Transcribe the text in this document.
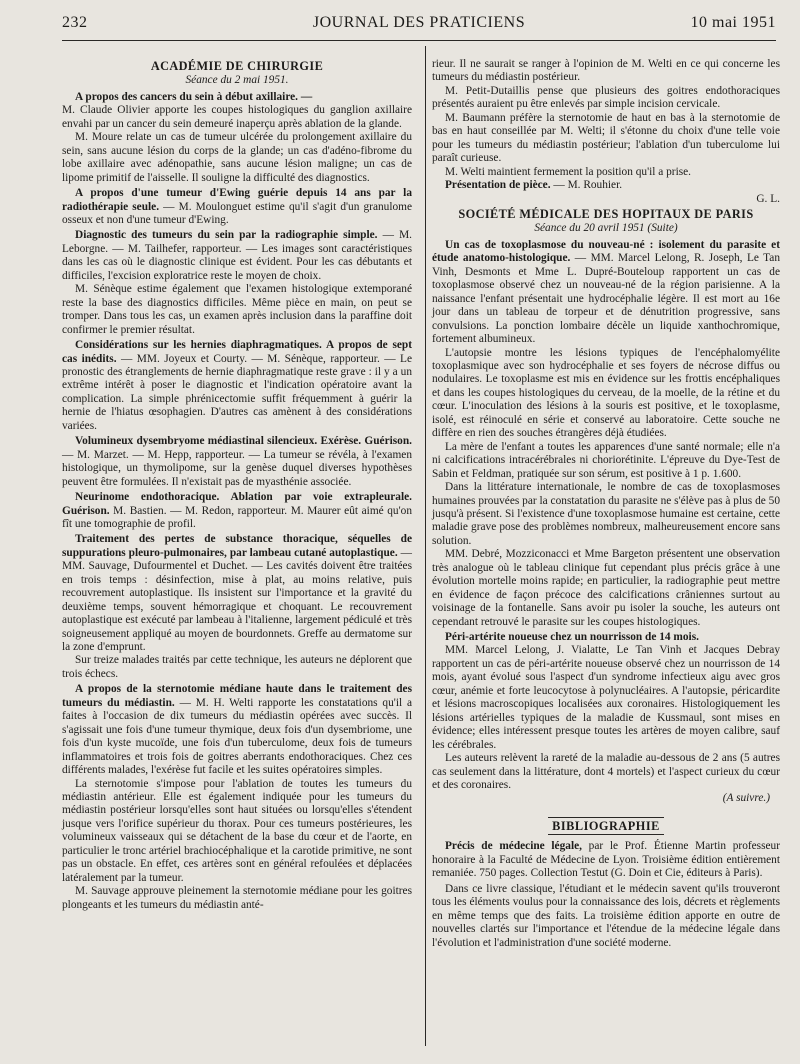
232	JOURNAL DES PRATICIENS	10 mai 1951
ACADÉMIE DE CHIRURGIE
Séance du 2 mai 1951.

A propos des cancers du sein à début axillaire. —

M. Claude Olivier apporte les coupes histologiques du ganglion axillaire envahi par un cancer du sein demeuré inaperçu après ablation de la glande.

M. Moure relate un cas de tumeur ulcérée du prolongement axillaire du sein, sans aucune lésion du corps de la glande; un cas d'adéno-fibrome du lobe axillaire avec adénopathie, sans aucune lésion maligne; un cas de lipome primitif de l'aisselle. Il souligne la difficulté des diagnostics.

A propos d'une tumeur d'Ewing guérie depuis 14 ans par la radiothérapie seule. — M. Moulonguet estime qu'il s'agit d'un granulome osseux et non d'une tumeur d'Ewing.

Diagnostic des tumeurs du sein par la radiographie simple. — M. Leborgne. — M. Tailhefer, rapporteur. — Les images sont caractéristiques dans les cas où le diagnostic clinique est évident. Pour les cas débutants et difficiles, l'excision exploratrice reste le moyen de choix.

M. Sénèque estime également que l'examen histologique extemporané reste la base des diagnostics difficiles. Même pièce en main, on peut se tromper. Dans tous les cas, un examen après inclusion dans la paraffine doit confirmer le premier résultat.

Considérations sur les hernies diaphragmatiques. A propos de sept cas inédits. — MM. Joyeux et Courty. — M. Sénèque, rapporteur. — Le pronostic des étranglements de hernie diaphragmatique reste grave : il y a un extrême intérêt à poser le diagnostic et l'indication opératoire avant la complication. La simple phrénicectomie suffit fréquemment à guérir la hernie de l'hiatus œsophagien. D'autres cas amènent à des considérations variées.

Volumineux dysembryome médiastinal silencieux. Exérèse. Guérison. — M. Marzet. — M. Hepp, rapporteur. — La tumeur se révéla, à l'examen histologique, un thymolipome, sur la genèse duquel diverses hypothèses peuvent être formulées. Il n'existait pas de myasthénie associée.

Neurinome endothoracique. Ablation par voie extrapleurale. Guérison. M. Bastien. — M. Redon, rapporteur. M. Maurer eût aimé qu'on fît une tomographie de profil.

Traitement des pertes de substance thoracique, séquelles de suppurations pleuro-pulmonaires, par lambeau cutané autoplastique. — MM. Sauvage, Dufourmentel et Duchet. — Les cavités doivent être traitées en trois temps : désinfection, mise à plat, au moins relative, puis recouvrement autoplastique. Ils insistent sur l'importance et la gravité du deuxième temps, souvent hémorragique et choquant. Le recouvrement autoplastique est exécuté par lambeau à l'italienne, largement pédiculé et très soigneusement appliqué au moyen de bourdonnets. Greffe au dermatome sur la zone d'emprunt.

Sur treize malades traités par cette technique, les auteurs ne déplorent que trois échecs.

A propos de la sternotomie médiane haute dans le traitement des tumeurs du médiastin. — M. H. Welti rapporte les constatations qu'il a faites à l'occasion de dix tumeurs du médiastin opérées avec succès. Il s'agissait une fois d'une tumeur thymique, deux fois d'un dysembriome, une fois d'un kyste mucoïde, une fois d'un tuberculome, deux fois de tumeurs inflammatoires et trois fois de goitres aberrants endothoraciques. Chez ces différents malades, l'exérèse fut facile et les suites opératoires simples.

La sternotomie s'impose pour l'ablation de toutes les tumeurs du médiastin antérieur. Elle est également indiquée pour les tumeurs du médiastin postérieur lorsqu'elles sont haut situées ou lorsqu'elles s'étendent jusque vers l'orifice supérieur du thorax. Pour ces tumeurs postérieures, les volumineux vaisseaux qui se détachent de la base du cœur et de l'aorte, en particulier le tronc artériel brachiocéphalique et la carotide primitive, ne sont pas un obstacle. En effet, ces artères sont en général refoulées et déplacées latéralement par la tumeur.

M. Sauvage approuve pleinement la sternotomie médiane pour les goitres plongeants et les tumeurs du médiastin anté-

rieur. Il ne saurait se ranger à l'opinion de M. Welti en ce qui concerne les tumeurs du médiastin postérieur.

M. Petit-Dutaillis pense que plusieurs des goitres endothoraciques présentés auraient pu être enlevés par simple incision cervicale.

M. Baumann préfère la sternotomie de haut en bas à la sternotomie de bas en haut conseillée par M. Welti; il s'étonne du choix d'une telle voie pour les tumeurs du médiastin postérieur; l'ablation d'un tuberculome lui paraît curieuse.

M. Welti maintient fermement la position qu'il a prise.

Présentation de pièce. — M. Rouhier.

G. L.
SOCIÉTÉ MÉDICALE DES HOPITAUX DE PARIS
Séance du 20 avril 1951 (Suite)

Un cas de toxoplasmose du nouveau-né : isolement du parasite et étude anatomo-histologique. — MM. Marcel Lelong, R. Joseph, Le Tan Vinh, Desmonts et Mme L. Dupré-Bouteloup rapportent un cas de toxoplasmose observé chez un nouveau-né de la région parisienne. A la naissance l'enfant présentait une hydrocéphalie légère. Il est mort au 16e jour dans un tableau de torpeur et de dénutrition progressive, sans convulsions. La ponction lombaire décèle un liquide xanthochromique, fortement albumineux.

L'autopsie montre les lésions typiques de l'encéphalomyélite toxoplasmique avec son hydrocéphalie et ses foyers de nécrose diffus ou nodulaires. Le toxoplasme est mis en évidence sur les frottis encéphaliques et dans les coupes histologiques du cerveau, de la moelle, de la rétine et du cœur. L'inoculation des lésions à la souris est positive, et le toxoplasme, isolé, est réinoculé en série et conservé au laboratoire. Cette souche ne diffère en rien des souches étrangères déjà étudiées.

La mère de l'enfant a toutes les apparences d'une santé normale; elle n'a ni calcifications intracérébrales ni choriorétinite. L'épreuve du Dye-Test de Sabin et Feldman, pratiquée sur son sérum, est positive à 1 p. 1.600.

Dans la littérature internationale, le nombre de cas de toxoplasmoses humaines prouvées par la constatation du parasite ne s'élève pas à plus de 50 jusqu'à présent. Si l'existence d'une toxoplasmose humaine est certaine, cette maladie grave pose des problèmes nombreux, malheureusement encore sans solution.

MM. Debré, Mozziconacci et Mme Bargeton présentent une observation très analogue où le tableau clinique fut cependant plus précis grâce à une évolution mortelle moins rapide; en particulier, la radiographie peut mettre en évidence de façon précoce des calcifications crâniennes surtout au voisinage de la fontanelle. Sans avoir pu isoler la souche, les auteurs ont cependant retrouvé le parasite sur les coupes histologiques.

Péri-artérite noueuse chez un nourrisson de 14 mois.

MM. Marcel Lelong, J. Vialatte, Le Tan Vinh et Jacques Debray rapportent un cas de péri-artérite noueuse observé chez un nourrisson de 14 mois, ayant évolué sous l'aspect d'un syndrome infectieux aigu avec gros cœur, anémie et forte leucocytose à polynucléaires. A l'autopsie, péricardite et lésions macroscopiques localisées aux coronaires. Histologiquement les lésions artérielles typiques de la maladie de Kussmaul, sont mises en évidence; elles intéressent presque toutes les artères de moyen calibre, sauf les cérébrales.

Les auteurs relèvent la rareté de la maladie au-dessous de 2 ans (5 autres cas seulement dans la littérature, dont 4 mortels) et l'aspect curieux du cœur et des coronaires.

(A suivre.)
BIBLIOGRAPHIE

Précis de médecine légale, par le Prof. Étienne Martin professeur honoraire à la Faculté de Médecine de Lyon. Troisième édition entièrement remaniée. 750 pages. Collection Testut (G. Doin et Cie, éditeurs à Paris).

Dans ce livre classique, l'étudiant et le médecin savent qu'ils trouveront tous les éléments voulus pour la connaissance des lois, décrets et règlements en même temps que des faits. La troisième édition apporte en outre de nouvelles clartés sur l'importance et l'étendue de la médecine légale dans l'évolution et l'administration d'une société moderne.
